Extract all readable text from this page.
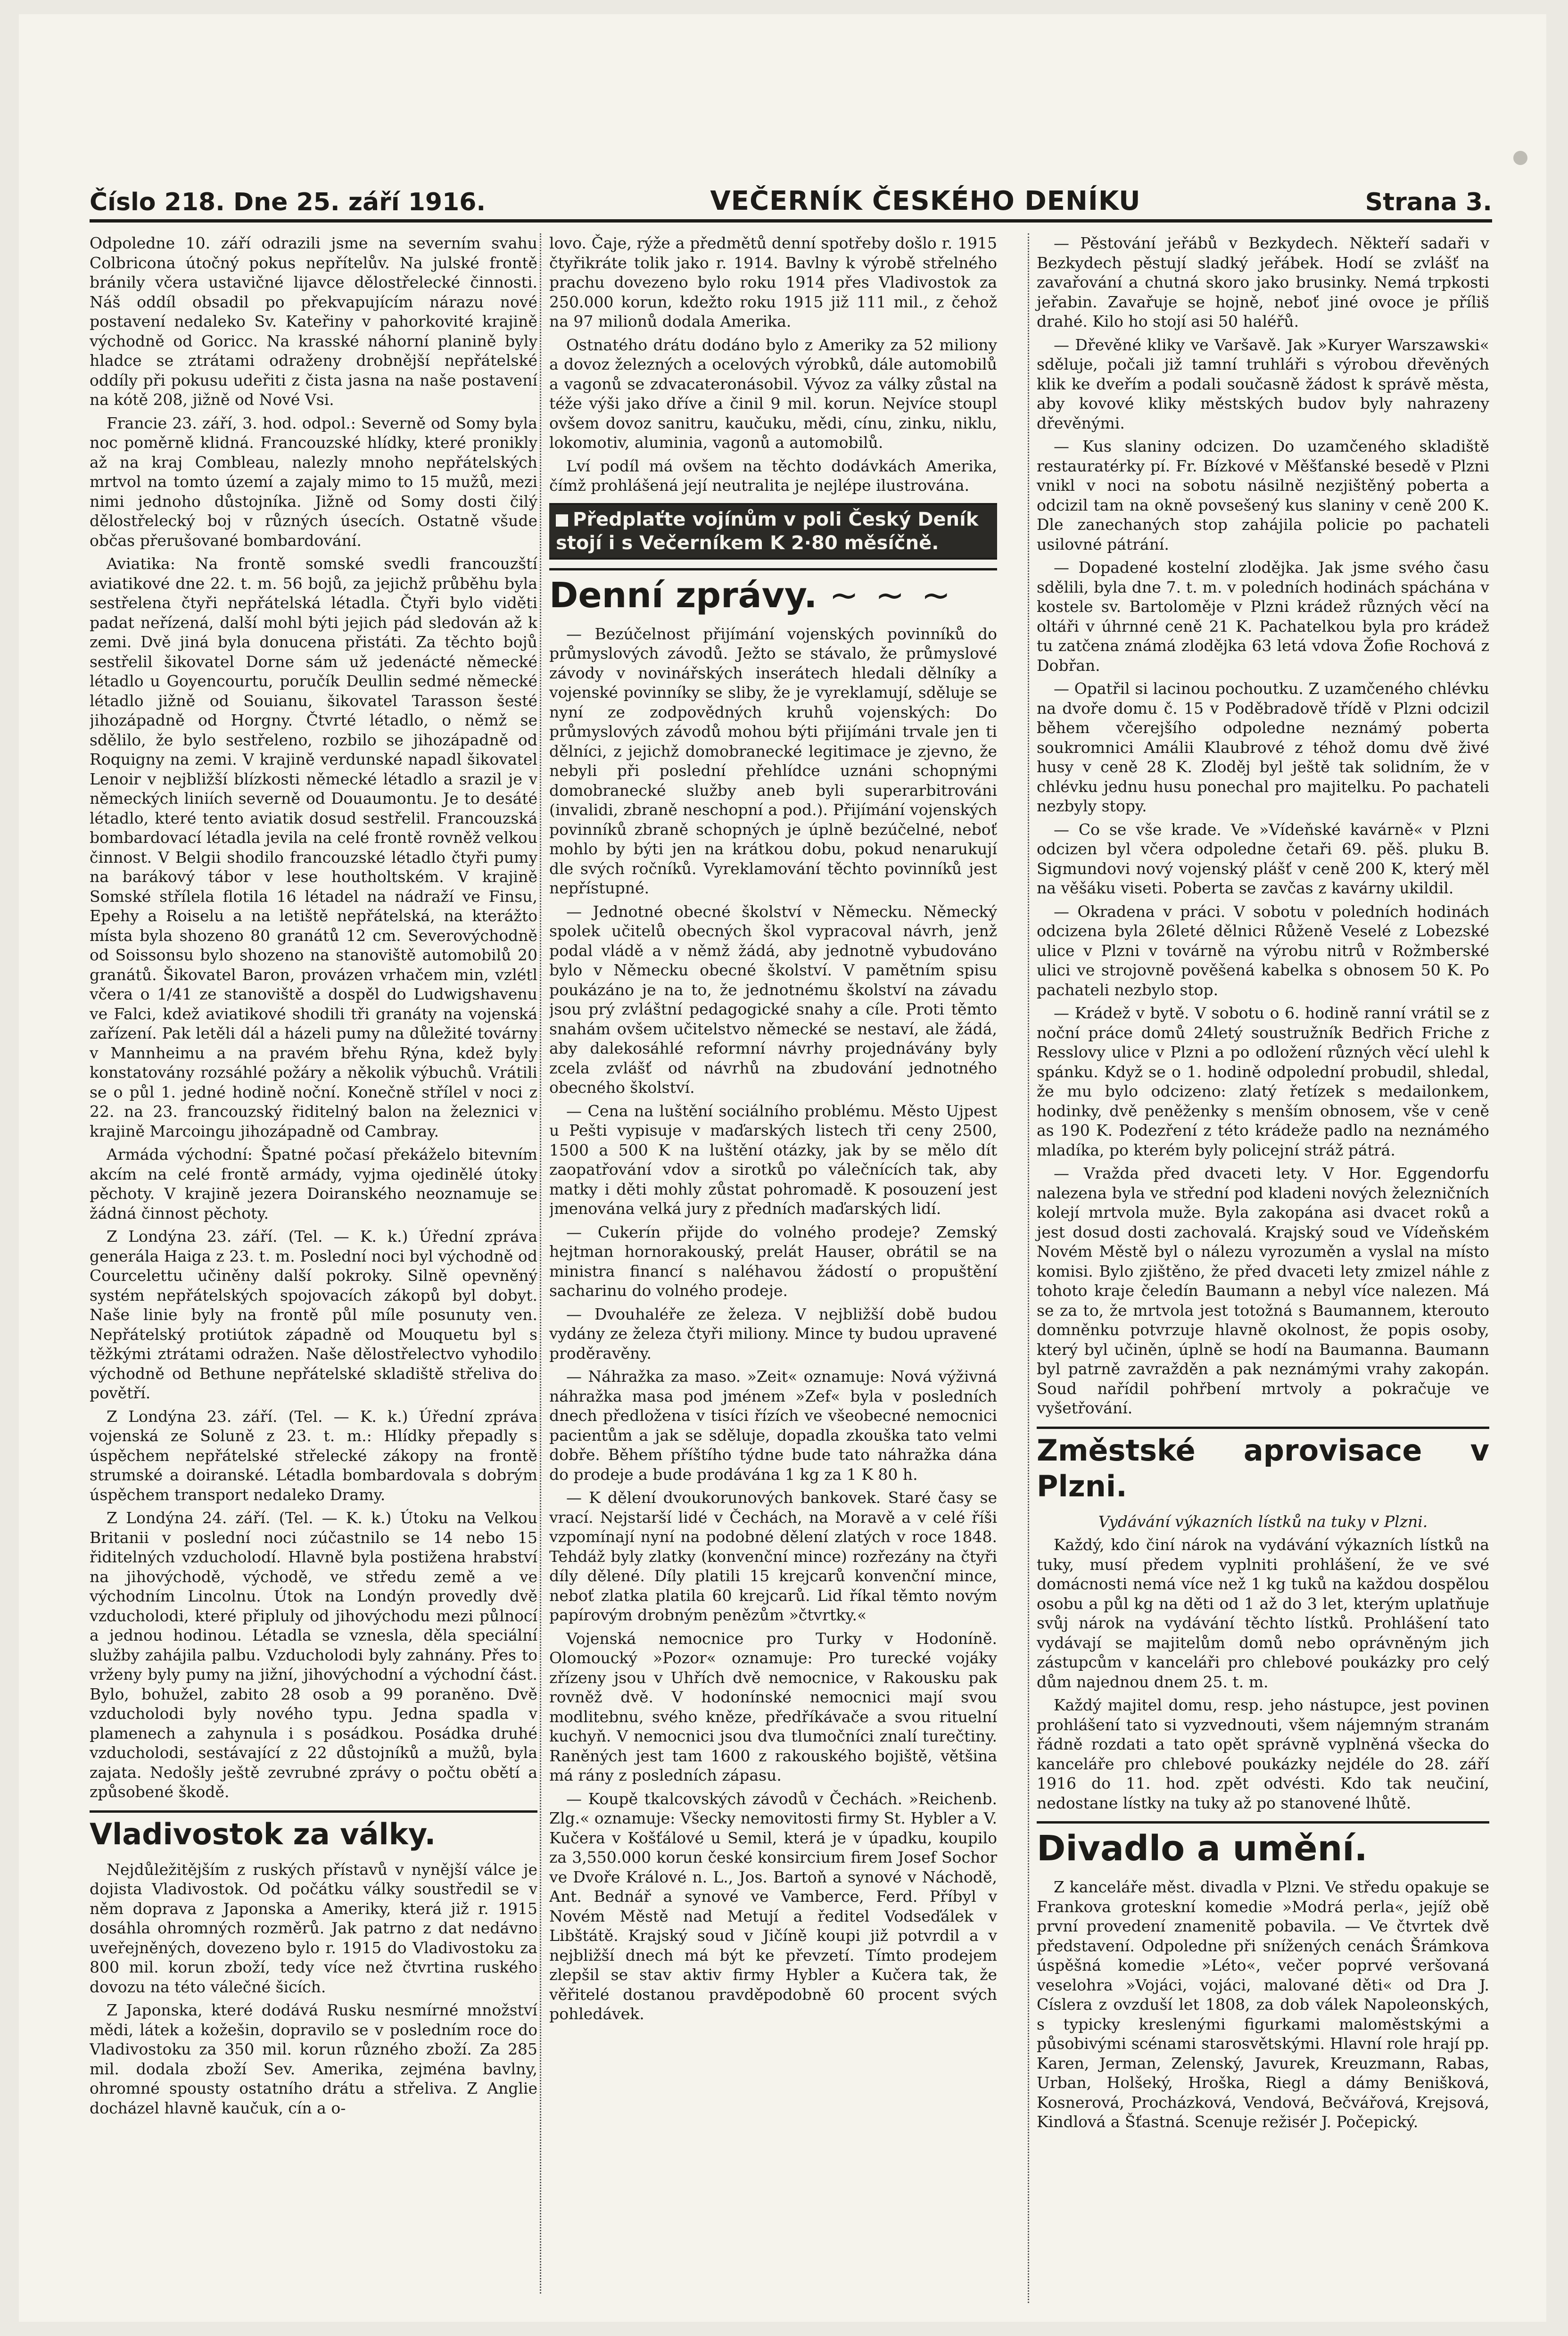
Číslo 218. Dne 25. září 1916.	VEČERNÍK ČESKÉHO DENÍKU	Strana 3.

Odpoledne 10. září odrazili jsme na severním svahu Colbricona útočný pokus nepřítelův. Na julské frontě bránily včera ustavičné lijavce dělostřelecké činnosti. Náš oddíl obsadil po překvapujícím nárazu nové postavení nedaleko Sv. Kateřiny v pahorkovité krajině východně od Goricc. Na krasské náhorní planině byly hladce se ztrátami odraženy drobnější nepřátelské oddíly při pokusu udeřiti z čista jasna na naše postavení na kótě 208, jižně od Nové Vsi.

Francie 23. září, 3. hod. odpol.: Severně od Somy byla noc poměrně klidná. Francouzské hlídky, které pronikly až na kraj Combleau, nalezly mnoho nepřátelských mrtvol na tomto území a zajaly mimo to 15 mužů, mezi nimi jednoho důstojníka. Jižně od Somy dosti čilý dělostřelecký boj v různých úsecích. Ostatně všude občas přerušované bombardování.

Aviatika: Na frontě somské svedli francouzští aviatikové dne 22. t. m. 56 bojů, za jejichž průběhu byla sestřelena čtyři nepřátelská létadla. Čtyři bylo viděti padat neřízená, další mohl býti jejich pád sledován až k zemi. Dvě jiná byla donucena přistáti. Za těchto bojů sestřelil šikovatel Dorne sám už jedenácté německé létadlo u Goyencourtu, poručík Deullin sedmé německé létadlo jižně od Souianu, šikovatel Tarasson šesté jihozápadně od Horgny. Čtvrté létadlo, o němž se sdělilo, že bylo sestřeleno, rozbilo se jihozápadně od Roquigny na zemi. V krajině verdunské napadl šikovatel Lenoir v nejbližší blízkosti německé létadlo a srazil je v německých liniích severně od Douaumontu. Je to desáté létadlo, které tento aviatik dosud sestřelil. Francouzská bombardovací létadla jevila na celé frontě rovněž velkou činnost. V Belgii shodilo francouzské létadlo čtyři pumy na barákový tábor v lese houtholtském. V krajině Somské střílela flotila 16 létadel na nádraží ve Finsu, Epehy a Roiselu a na letiště nepřátelská, na kterážto místa byla shozeno 80 granátů 12 cm. Severovýchodně od Soissonsu bylo shozeno na stanoviště automobilů 20 granátů. Šikovatel Baron, provázen vrhačem min, vzlétl včera o 1/41 ze stanoviště a dospěl do Ludwigshavenu ve Falci, kdež aviatikové shodili tři granáty na vojenská zařízení. Pak letěli dál a házeli pumy na důležité továrny v Mannheimu a na pravém břehu Rýna, kdež byly konstatovány rozsáhlé požáry a několik výbuchů. Vrátili se o půl 1. jedné hodině noční. Konečně střílel v noci z 22. na 23. francouzský řiditelný balon na železnici v krajině Marcoingu jihozápadně od Cambray.

Armáda východní: Špatné počasí překáželo bitevním akcím na celé frontě armády, vyjma ojedinělé útoky pěchoty. V krajině jezera Doiranského neoznamuje se žádná činnost pěchoty.

Z Londýna 23. září. (Tel. — K. k.) Úřední zpráva generála Haiga z 23. t. m. Poslední noci byl východně od Courcelettu učiněny další pokroky. Silně opevněný systém nepřátelských spojovacích zákopů byl dobyt. Naše linie byly na frontě půl míle posunuty ven. Nepřátelský protiútok západně od Mouquetu byl s těžkými ztrátami odražen. Naše dělostřelectvo vyhodilo východně od Bethune nepřátelské skladiště střeliva do povětří.

Z Londýna 23. září. (Tel. — K. k.) Úřední zpráva vojenská ze Soluně z 23. t. m.: Hlídky přepadly s úspěchem nepřátelské střelecké zákopy na frontě strumské a doiranské. Létadla bombardovala s dobrým úspěchem transport nedaleko Dramy.

Z Londýna 24. září. (Tel. — K. k.) Útoku na Velkou Britanii v poslední noci zúčastnilo se 14 nebo 15 řiditelných vzducholodí. Hlavně byla postižena hrabství na jihovýchodě, východě, ve středu země a ve východním Lincolnu. Útok na Londýn provedly dvě vzducholodi, které připluly od jihovýchodu mezi půlnocí a jednou hodinou. Létadla se vznesla, děla speciální služby zahájila palbu. Vzducholodi byly zahnány. Přes to vrženy byly pumy na jižní, jihovýchodní a východní část. Bylo, bohužel, zabito 28 osob a 99 poraněno. Dvě vzducholodi byly nového typu. Jedna spadla v plamenech a zahynula i s posádkou. Posádka druhé vzducholodi, sestávající z 22 důstojníků a mužů, byla zajata. Nedošly ještě zevrubné zprávy o počtu obětí a způsobené škodě.

Vladivostok za války.

Nejdůležitějším z ruských přístavů v nynější válce je dojista Vladivostok. Od počátku války soustředil se v něm doprava z Japonska a Ameriky, která již r. 1915 dosáhla ohromných rozměrů. Jak patrno z dat nedávno uveřejněných, dovezeno bylo r. 1915 do Vladivostoku za 800 mil. korun zboží, tedy více než čtvrtina ruského dovozu na této válečné šicích.

Z Japonska, které dodává Rusku nesmírné množství mědi, látek a kožešin, dopravilo se v posledním roce do Vladivostoku za 350 mil. korun různého zboží. Za 285 mil. dodala zboží Sev. Amerika, zejména bavlny, ohromné spousty ostatního drátu a střeliva. Z Anglie docházel hlavně kaučuk, cín a o-

lovo. Čaje, rýže a předmětů denní spotřeby došlo r. 1915 čtyřikráte tolik jako r. 1914. Bavlny k výrobě střelného prachu dovezeno bylo roku 1914 přes Vladivostok za 250.000 korun, kdežto roku 1915 již 111 mil., z čehož na 97 milionů dodala Amerika.

Ostnatého drátu dodáno bylo z Ameriky za 52 miliony a dovoz železných a ocelových výrobků, dále automobilů a vagonů se zdvacateronásobil. Vývoz za války zůstal na téže výši jako dříve a činil 9 mil. korun. Nejvíce stoupl ovšem dovoz sanitru, kaučuku, mědi, cínu, zinku, niklu, lokomotiv, aluminia, vagonů a automobilů.

Lví podíl má ovšem na těchto dodávkách Amerika, čímž prohlášená její neutralita je nejlépe ilustrována.

Předplaťte vojínům v poli Český Deník stojí i s Večerníkem K 2·80 měsíčně.
Denní zprávy. ~ ~ ~

— Bezúčelnost přijímání vojenských povinníků do průmyslových závodů. Ježto se stávalo, že průmyslové závody v novinářských inserátech hledali dělníky a vojenské povinníky se sliby, že je vyreklamují, sděluje se nyní ze zodpovědných kruhů vojenských: Do průmyslových závodů mohou býti přijímáni trvale jen ti dělníci, z jejichž domobranecké legitimace je zjevno, že nebyli při poslední přehlídce uznáni schopnými domobranecké služby aneb byli superarbitrováni (invalidi, zbraně neschopní a pod.). Přijímání vojenských povinníků zbraně schopných je úplně bezúčelné, neboť mohlo by býti jen na krátkou dobu, pokud nenarukují dle svých ročníků. Vyreklamování těchto povinníků jest nepřístupné.

— Jednotné obecné školství v Německu. Německý spolek učitelů obecných škol vypracoval návrh, jenž podal vládě a v němž žádá, aby jednotně vybudováno bylo v Německu obecné školství. V pamětním spisu poukázáno je na to, že jednotnému školství na závadu jsou prý zvláštní pedagogické snahy a cíle. Proti těmto snahám ovšem učitelstvo německé se nestaví, ale žádá, aby dalekosáhlé reformní návrhy projednávány byly zcela zvlášť od návrhů na zbudování jednotného obecného školství.

— Cena na luštění sociálního problému. Město Ujpest u Pešti vypisuje v maďarských listech tři ceny 2500, 1500 a 500 K na luštění otázky, jak by se mělo dít zaopatřování vdov a sirotků po válečnících tak, aby matky i děti mohly zůstat pohromadě. K posouzení jest jmenována velká jury z předních maďarských lidí.

— Cukerín přijde do volného prodeje? Zemský hejtman hornorakouský, prelát Hauser, obrátil se na ministra financí s naléhavou žádostí o propuštění sacharinu do volného prodeje.

— Dvouhaléře ze železa. V nejbližší době budou vydány ze železa čtyři miliony. Mince ty budou upravené proděravěny.

— Náhražka za maso. »Zeit« oznamuje: Nová výživná náhražka masa pod jménem »Zef« byla v posledních dnech předložena v tisíci řízích ve všeobecné nemocnici pacientům a jak se sděluje, dopadla zkouška tato velmi dobře. Během příštího týdne bude tato náhražka dána do prodeje a bude prodávána 1 kg za 1 K 80 h.

— K dělení dvoukorunových bankovek. Staré časy se vrací. Nejstarší lidé v Čechách, na Moravě a v celé říši vzpomínají nyní na podobné dělení zlatých v roce 1848. Tehdáž byly zlatky (konvenční mince) rozřezány na čtyři díly dělené. Díly platili 15 krejcarů konvenční mince, neboť zlatka platila 60 krejcarů. Lid říkal těmto novým papírovým drobným penězům »čtvrtky.«

Vojenská nemocnice pro Turky v Hodoníně. Olomoucký »Pozor« oznamuje: Pro turecké vojáky zřízeny jsou v Uhřích dvě nemocnice, v Rakousku pak rovněž dvě. V hodonínské nemocnici mají svou modlitebnu, svého kněze, předříkávače a svou rituelní kuchyň. V nemocnici jsou dva tlumočníci znalí turečtiny. Raněných jest tam 1600 z rakouského bojiště, většina má rány z posledních zápasu.

— Koupě tkalcovských závodů v Čechách. »Reichenb. Zlg.« oznamuje: Všecky nemovitosti firmy St. Hybler a V. Kučera v Košťálové u Semil, která je v úpadku, koupilo za 3,550.000 korun české konsircium firem Josef Sochor ve Dvoře Králové n. L., Jos. Bartoň a synové v Náchodě, Ant. Bednář a synové ve Vamberce, Ferd. Příbyl v Novém Městě nad Metují a ředitel Vodseďálek v Libštátě. Krajský soud v Jičíně koupi již potvrdil a v nejbližší dnech má být ke převzetí. Tímto prodejem zlepšil se stav aktiv firmy Hybler a Kučera tak, že věřitelé dostanou pravděpodobně 60 procent svých pohledávek.

— Pěstování jeřábů v Bezkydech. Někteří sadaři v Bezkydech pěstují sladký jeřábek. Hodí se zvlášť na zavařování a chutná skoro jako brusinky. Nemá trpkosti jeřabin. Zavařuje se hojně, neboť jiné ovoce je příliš drahé. Kilo ho stojí asi 50 haléřů.

— Dřevěné kliky ve Varšavě. Jak »Kuryer Warszawski« sděluje, počali již tamní truhláři s výrobou dřevěných klik ke dveřím a podali současně žádost k správě města, aby kovové kliky městských budov byly nahrazeny dřevěnými.

— Kus slaniny odcizen. Do uzamčeného skladiště restauratérky pí. Fr. Bízkové v Měšťanské besedě v Plzni vnikl v noci na sobotu násilně nezjištěný poberta a odcizil tam na okně povsešený kus slaniny v ceně 200 K. Dle zanechaných stop zahájila policie po pachateli usilovné pátrání.

— Dopadené kostelní zlodějka. Jak jsme svého času sdělili, byla dne 7. t. m. v poledních hodinách spáchána v kostele sv. Bartoloměje v Plzni krádež různých věcí na oltáři v úhrnné ceně 21 K. Pachatelkou byla pro krádež tu zatčena známá zlodějka 63 letá vdova Žofie Rochová z Dobřan.

— Opatřil si lacinou pochoutku. Z uzamčeného chlévku na dvoře domu č. 15 v Poděbradově třídě v Plzni odcizil během včerejšího odpoledne neznámý poberta soukromnici Amálii Klaubrové z téhož domu dvě živé husy v ceně 28 K. Zloděj byl ještě tak solidním, že v chlévku jednu husu ponechal pro majitelku. Po pachateli nezbyly stopy.

— Co se vše krade. Ve »Vídeňské kavárně« v Plzni odcizen byl včera odpoledne četaři 69. pěš. pluku B. Sigmundovi nový vojenský plášť v ceně 200 K, který měl na věšáku viseti. Poberta se zavčas z kavárny ukildil.

— Okradena v práci. V sobotu v poledních hodinách odcizena byla 26leté dělnici Růženě Veselé z Lobezské ulice v Plzni v továrně na výrobu nitrů v Rožmberské ulici ve strojovně pověšená kabelka s obnosem 50 K. Po pachateli nezbylo stop.

— Krádež v bytě. V sobotu o 6. hodině ranní vrátil se z noční práce domů 24letý soustružník Bedřich Friche z Resslovy ulice v Plzni a po odložení různých věcí ulehl k spánku. Když se o 1. hodině odpolední probudil, shledal, že mu bylo odcizeno: zlatý řetízek s medailonkem, hodinky, dvě peněženky s menším obnosem, vše v ceně as 190 K. Podezření z této krádeže padlo na neznámého mladíka, po kterém byly policejní stráž pátrá.

— Vražda před dvaceti lety. V Hor. Eggendorfu nalezena byla ve střední pod kladeni nových železničních kolejí mrtvola muže. Byla zakopána asi dvacet roků a jest dosud dosti zachovalá. Krajský soud ve Vídeňském Novém Městě byl o nálezu vyrozuměn a vyslal na místo komisi. Bylo zjištěno, že před dvaceti lety zmizel náhle z tohoto kraje čeledín Baumann a nebyl více nalezen. Má se za to, že mrtvola jest totožná s Baumannem, kterouto domněnku potvrzuje hlavně okolnost, že popis osoby, který byl učiněn, úplně se hodí na Baumanna. Baumann byl patrně zavražděn a pak neznámými vrahy zakopán. Soud nařídil pohřbení mrtvoly a pokračuje ve vyšetřování.

Změstské aprovisace v Plzni.

Vydávání výkazních lístků na tuky v Plzni.

Každý, kdo činí nárok na vydávání výkazních lístků na tuky, musí předem vyplniti prohlášení, že ve své domácnosti nemá více než 1 kg tuků na každou dospělou osobu a půl kg na děti od 1 až do 3 let, kterým uplatňuje svůj nárok na vydávání těchto lístků. Prohlášení tato vydávají se majitelům domů nebo oprávněným jich zástupcům v kanceláři pro chlebové poukázky pro celý dům najednou dnem 25. t. m.

Každý majitel domu, resp. jeho nástupce, jest povinen prohlášení tato si vyzvednouti, všem nájemným stranám řádně rozdati a tato opět správně vyplněná všecka do kanceláře pro chlebové poukázky nejdéle do 28. září 1916 do 11. hod. zpět odvésti. Kdo tak neučiní, nedostane lístky na tuky až po stanovené lhůtě.

Divadlo a umění.

Z kanceláře měst. divadla v Plzni. Ve středu opakuje se Frankova groteskní komedie »Modrá perla«, jejíž obě první provedení znamenitě pobavila. — Ve čtvrtek dvě představení. Odpoledne při snížených cenách Šrámkova úspěšná komedie »Léto«, večer poprvé veršovaná veselohra »Vojáci, vojáci, malované děti« od Dra J. Císlera z ovzduší let 1808, za dob válek Napoleonských, s typicky kreslenými figurkami maloměstskými a působivými scénami starosvětskými. Hlavní role hrají pp. Karen, Jerman, Zelenský, Javurek, Kreuzmann, Rabas, Urban, Holšeký, Hroška, Riegl a dámy Benišková, Kosnerová, Procházková, Vendová, Bečvářová, Krejsová, Kindlová a Šťastná. Scenuje režisér J. Počepický.
